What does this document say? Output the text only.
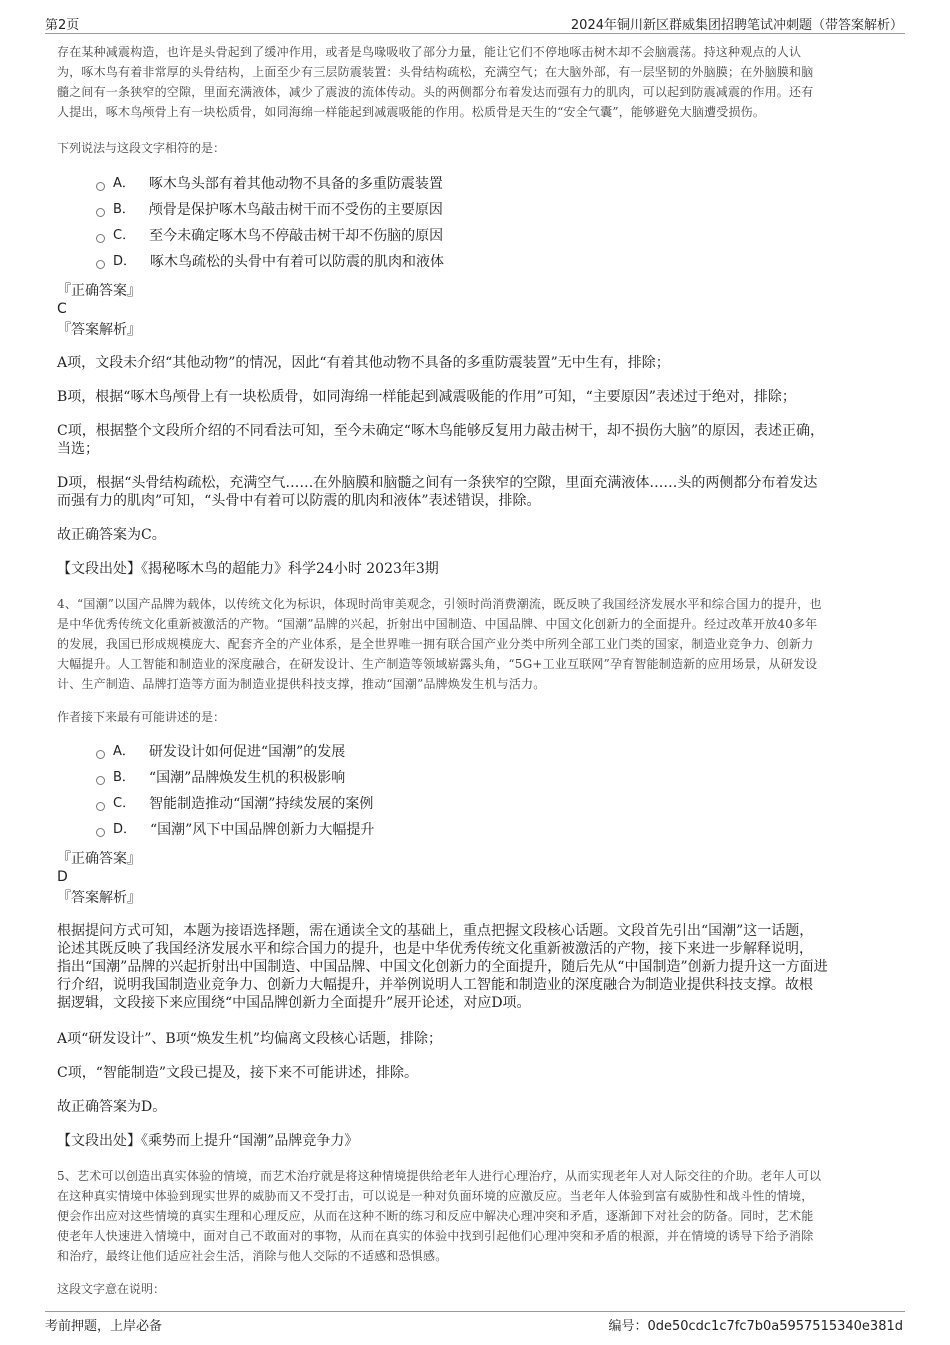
第2页	2024年铜川新区群威集团招聘笔试冲刺题（带答案解析）
存在某种减震构造，也许是头骨起到了缓冲作用，或者是鸟喙吸收了部分力量，能让它们不停地啄击树木却不会脑震荡。持这种观点的人认
为，啄木鸟有着非常厚的头骨结构，上面至少有三层防震装置：头骨结构疏松，充满空气；在大脑外部，有一层坚韧的外脑膜；在外脑膜和脑
髓之间有一条狭窄的空隙，里面充满液体，减少了震波的流体传动。头的两侧都分布着发达而强有力的肌肉，可以起到防震减震的作用。还有
人提出，啄木鸟颅骨上有一块松质骨，如同海绵一样能起到减震吸能的作用。松质骨是天生的“安全气囊”，能够避免大脑遭受损伤。
下列说法与这段文字相符的是：
A． 啄木鸟头部有着其他动物不具备的多重防震装置
B． 颅骨是保护啄木鸟敲击树干而不受伤的主要原因
C． 至今未确定啄木鸟不停敲击树干却不伤脑的原因
D． 啄木鸟疏松的头骨中有着可以防震的肌肉和液体
『正确答案』
C
『答案解析』
A项，文段未介绍“其他动物”的情况，因此“有着其他动物不具备的多重防震装置”无中生有，排除；
B项，根据“啄木鸟颅骨上有一块松质骨，如同海绵一样能起到减震吸能的作用”可知，“主要原因”表述过于绝对，排除；
C项，根据整个文段所介绍的不同看法可知，至今未确定“啄木鸟能够反复用力敲击树干，却不损伤大脑”的原因，表述正确，
当选；
D项，根据“头骨结构疏松，充满空气……在外脑膜和脑髓之间有一条狭窄的空隙，里面充满液体……头的两侧都分布着发达
而强有力的肌肉”可知，“头骨中有着可以防震的肌肉和液体”表述错误，排除。
故正确答案为C。
【文段出处】《揭秘啄木鸟的超能力》科学24小时 2023年3期
4、“国潮”以国产品牌为载体，以传统文化为标识，体现时尚审美观念，引领时尚消费潮流，既反映了我国经济发展水平和综合国力的提升，也
是中华优秀传统文化重新被激活的产物。“国潮”品牌的兴起，折射出中国制造、中国品牌、中国文化创新力的全面提升。经过改革开放40多年
的发展，我国已形成规模庞大、配套齐全的产业体系，是全世界唯一拥有联合国产业分类中所列全部工业门类的国家，制造业竞争力、创新力
大幅提升。人工智能和制造业的深度融合，在研发设计、生产制造等领域崭露头角，“5G+工业互联网”孕育智能制造新的应用场景，从研发设
计、生产制造、品牌打造等方面为制造业提供科技支撑，推动“国潮”品牌焕发生机与活力。
作者接下来最有可能讲述的是：
A． 研发设计如何促进“国潮”的发展
B． “国潮”品牌焕发生机的积极影响
C． 智能制造推动“国潮”持续发展的案例
D． “国潮”风下中国品牌创新力大幅提升
『正确答案』
D
『答案解析』
根据提问方式可知，本题为接语选择题，需在通读全文的基础上，重点把握文段核心话题。文段首先引出“国潮”这一话题，
论述其既反映了我国经济发展水平和综合国力的提升，也是中华优秀传统文化重新被激活的产物，接下来进一步解释说明，
指出“国潮”品牌的兴起折射出中国制造、中国品牌、中国文化创新力的全面提升，随后先从“中国制造”创新力提升这一方面进
行介绍，说明我国制造业竞争力、创新力大幅提升，并举例说明人工智能和制造业的深度融合为制造业提供科技支撑。故根
据逻辑，文段接下来应围绕“中国品牌创新力全面提升”展开论述，对应D项。
A项“研发设计”、B项“焕发生机”均偏离文段核心话题，排除；
C项，“智能制造”文段已提及，接下来不可能讲述，排除。
故正确答案为D。
【文段出处】《乘势而上提升“国潮”品牌竞争力》
5、艺术可以创造出真实体验的情境，而艺术治疗就是将这种情境提供给老年人进行心理治疗，从而实现老年人对人际交往的介助。老年人可以
在这种真实情境中体验到现实世界的威胁而又不受打击，可以说是一种对负面环境的应激反应。当老年人体验到富有威胁性和战斗性的情境，
便会作出应对这些情境的真实生理和心理反应，从而在这种不断的练习和反应中解决心理冲突和矛盾，逐渐卸下对社会的防备。同时，艺术能
使老年人快速进入情境中，面对自己不敢面对的事物，从而在真实的体验中找到引起他们心理冲突和矛盾的根源，并在情境的诱导下给予消除
和治疗，最终让他们适应社会生活，消除与他人交际的不适感和恐惧感。
这段文字意在说明：
考前押题，上岸必备	编号：0de50cdc1c7fc7b0a5957515340e381d
